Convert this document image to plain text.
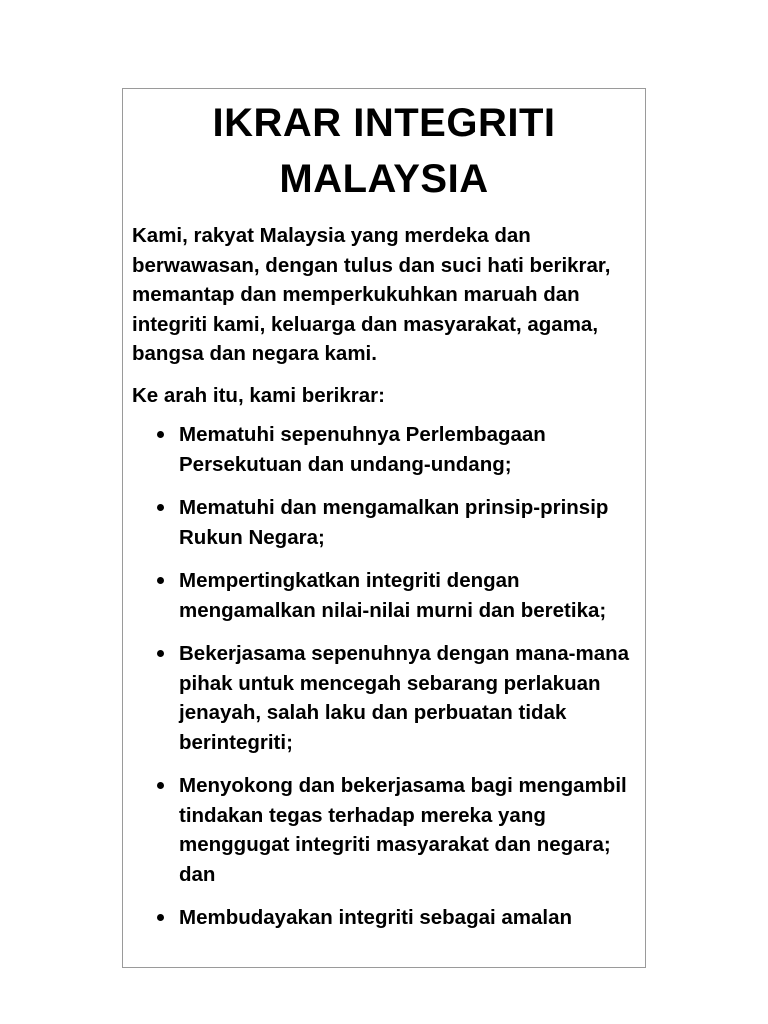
IKRAR INTEGRITI
MALAYSIA

Kami, rakyat Malaysia yang merdeka dan berwawasan, dengan tulus dan suci hati berikrar, memantap dan memperkukuhkan maruah dan integriti kami, keluarga dan masyarakat, agama, bangsa dan negara kami.

Ke arah itu, kami berikrar:

Mematuhi sepenuhnya Perlembagaan Persekutuan dan undang-undang;
Mematuhi dan mengamalkan prinsip-prinsip Rukun Negara;
Mempertingkatkan integriti dengan mengamalkan nilai-nilai murni dan beretika;
Bekerjasama sepenuhnya dengan mana-mana pihak untuk mencegah sebarang perlakuan jenayah, salah laku dan perbuatan tidak berintegriti;
Menyokong dan bekerjasama bagi mengambil tindakan tegas terhadap mereka yang menggugat integriti masyarakat dan negara; dan
Membudayakan integriti sebagai amalan
